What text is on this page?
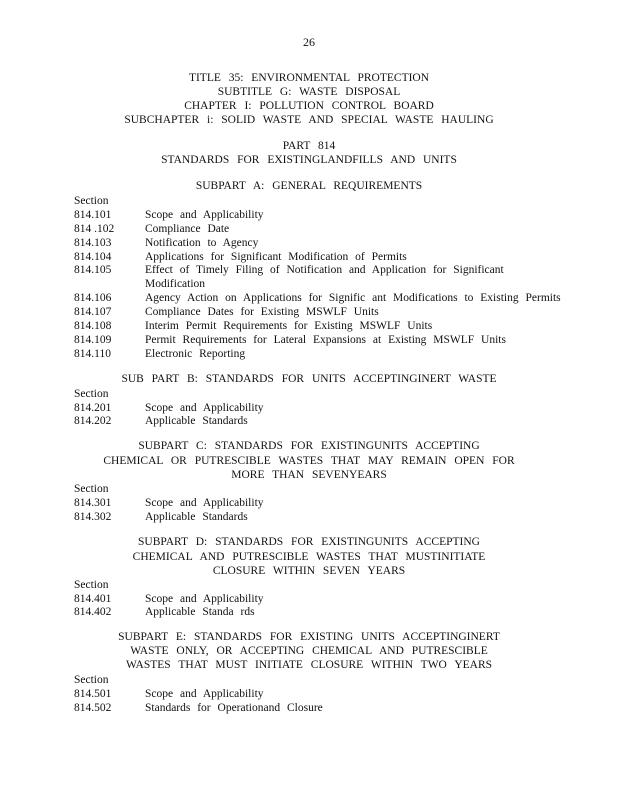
26
TITLE 35: ENVIRONMENTAL PROTECTION
SUBTITLE G: WASTE DISPOSAL
CHAPTER I: POLLUTION CONTROL BOARD
SUBCHAPTER i: SOLID WASTE AND SPECIAL WASTE HAULING
PART 814
STANDARDS FOR EXISTINGLANDFILLS AND UNITS
SUBPART A: GENERAL REQUIREMENTS
Section
814.101	Scope and Applicability
814 .102	Compliance Date
814.103	Notification to Agency
814.104	Applications for Significant Modification of Permits
814.105	Effect of Timely Filing of Notification and Application for Significant
Modification
814.106	Agency Action on Applications for Signific ant Modifications to Existing Permits
814.107	Compliance Dates for Existing MSWLF Units
814.108	Interim Permit Requirements for Existing MSWLF Units
814.109	Permit Requirements for Lateral Expansions at Existing MSWLF Units
814.110	Electronic Reporting
SUB PART B: STANDARDS FOR UNITS ACCEPTINGINERT WASTE
Section
814.201	Scope and Applicability
814.202	Applicable Standards
SUBPART C: STANDARDS FOR EXISTINGUNITS ACCEPTING
CHEMICAL OR PUTRESCIBLE WASTES THAT MAY REMAIN OPEN FOR
MORE THAN SEVENYEARS
Section
814.301	Scope and Applicability
814.302	Applicable Standards
SUBPART D: STANDARDS FOR EXISTINGUNITS ACCEPTING
CHEMICAL AND PUTRESCIBLE WASTES THAT MUSTINITIATE
CLOSURE WITHIN SEVEN YEARS
Section
814.401	Scope and Applicability
814.402	Applicable Standa rds
SUBPART E: STANDARDS FOR EXISTING UNITS ACCEPTINGINERT
WASTE ONLY, OR ACCEPTING CHEMICAL AND PUTRESCIBLE
WASTES THAT MUST INITIATE CLOSURE WITHIN TWO YEARS
Section
814.501	Scope and Applicability
814.502	Standards for Operationand Closure
